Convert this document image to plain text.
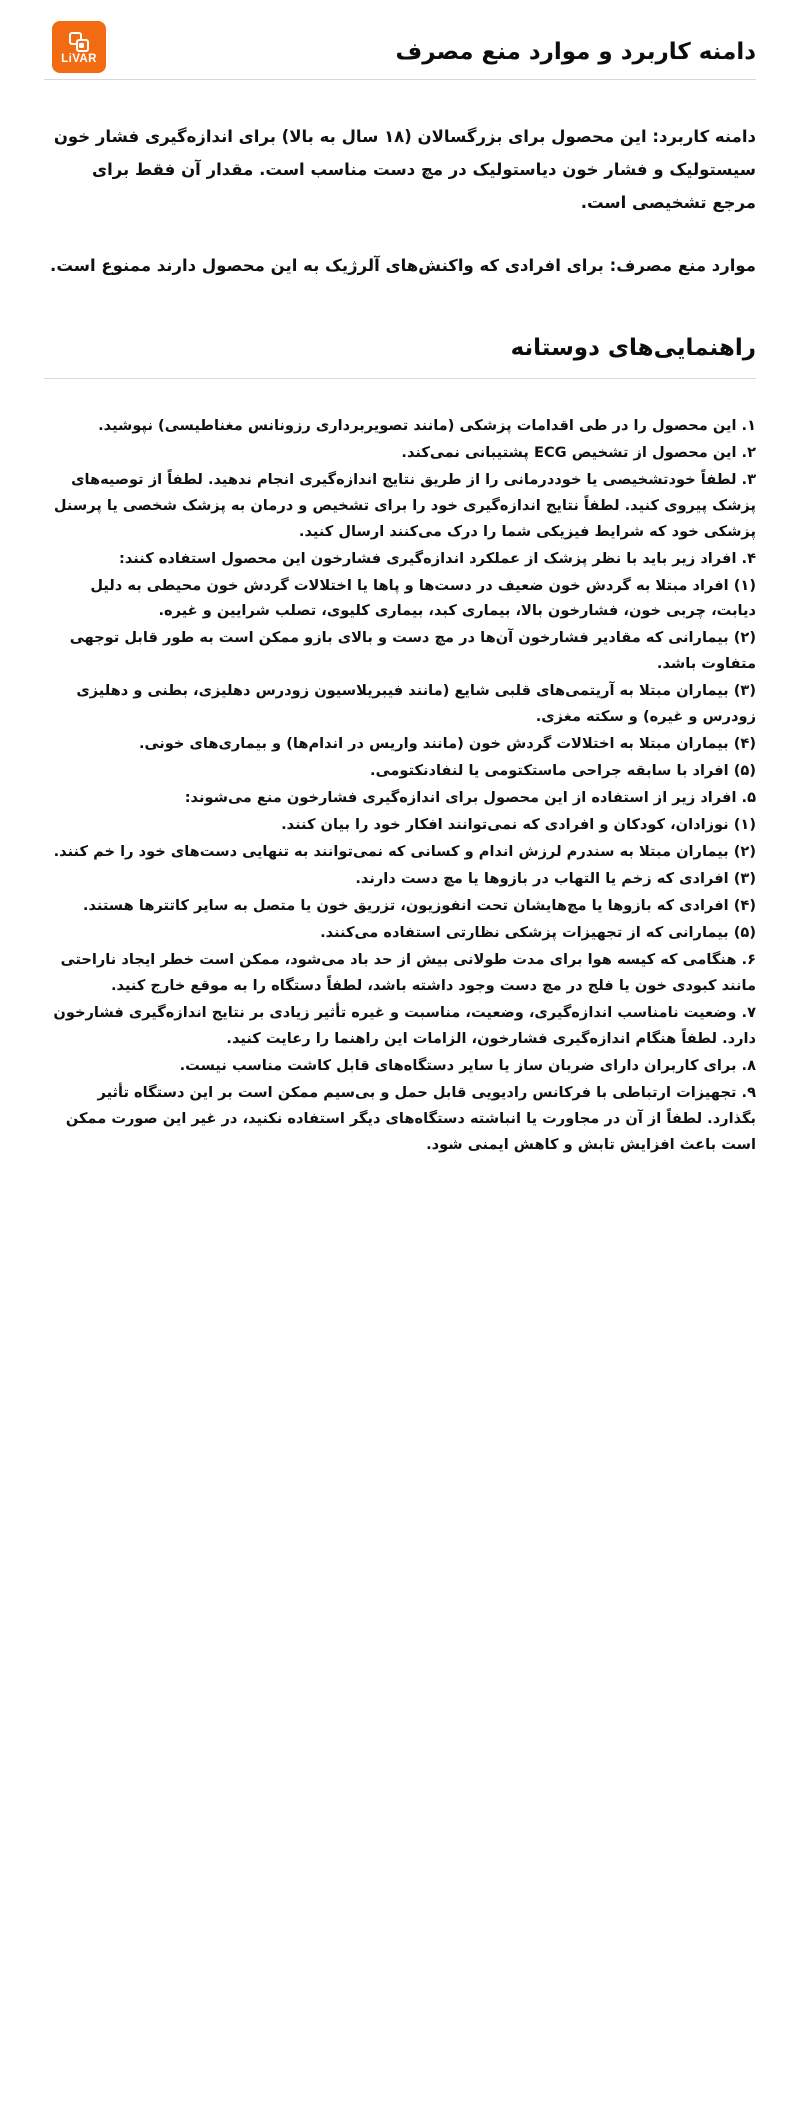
LiVAR	دامنه کاربرد و موارد منع مصرف

دامنه کاربرد: این محصول برای بزرگسالان (۱۸ سال به بالا) برای اندازه‌گیری فشار خون سیستولیک و فشار خون دیاستولیک در مچ دست مناسب است. مقدار آن فقط برای مرجع تشخیصی است.

موارد منع مصرف: برای افرادی که واکنش‌های آلرژیک به این محصول دارند ممنوع است.

راهنمایی‌های دوستانه

۱. این محصول را در طی اقدامات پزشکی (مانند تصویربرداری رزونانس مغناطیسی) نپوشید.

۲. این محصول از تشخیص ECG پشتیبانی نمی‌کند.

۳. لطفاً خودتشخیصی یا خوددرمانی را از طریق نتایج اندازه‌گیری انجام ندهید. لطفاً از توصیه‌های پزشک پیروی کنید. لطفاً نتایج اندازه‌گیری خود را برای تشخیص و درمان به پزشک شخصی یا پرسنل پزشکی خود که شرایط فیزیکی شما را درک می‌کنند ارسال کنید.

۴. افراد زیر باید با نظر پزشک از عملکرد اندازه‌گیری فشارخون این محصول استفاده کنند:

(۱) افراد مبتلا به گردش خون ضعیف در دست‌ها و پاها یا اختلالات گردش خون محیطی به دلیل دیابت، چربی خون، فشارخون بالا، بیماری کبد، بیماری کلیوی، تصلب شرایین و غیره.

(۲) بیمارانی که مقادیر فشارخون آن‌ها در مچ دست و بالای بازو ممکن است به طور قابل توجهی متفاوت باشد.

(۳) بیماران مبتلا به آریتمی‌های قلبی شایع (مانند فیبریلاسیون زودرس دهلیزی، بطنی و دهلیزی زودرس و غیره) و سکته مغزی.

(۴) بیماران مبتلا به اختلالات گردش خون (مانند واریس در اندام‌ها) و بیماری‌های خونی.

(۵) افراد با سابقه جراحی ماستکتومی یا لنفادنکتومی.

۵. افراد زیر از استفاده از این محصول برای اندازه‌گیری فشارخون منع می‌شوند:

(۱) نوزادان، کودکان و افرادی که نمی‌توانند افکار خود را بیان کنند.

(۲) بیماران مبتلا به سندرم لرزش اندام و کسانی که نمی‌توانند به تنهایی دست‌های خود را خم کنند.

(۳) افرادی که زخم یا التهاب در بازوها یا مچ دست دارند.

(۴) افرادی که بازوها یا مچ‌هایشان تحت انفوزیون، تزریق خون یا متصل به سایر کاتترها هستند.

(۵) بیمارانی که از تجهیزات پزشکی نظارتی استفاده می‌کنند.

۶. هنگامی که کیسه هوا برای مدت طولانی بیش از حد باد می‌شود، ممکن است خطر ایجاد ناراحتی مانند کبودی خون یا فلج در مچ دست وجود داشته باشد، لطفاً دستگاه را به موقع خارج کنید.

۷. وضعیت نامناسب اندازه‌گیری، وضعیت، مناسبت و غیره تأثیر زیادی بر نتایج اندازه‌گیری فشارخون دارد. لطفاً هنگام اندازه‌گیری فشارخون، الزامات این راهنما را رعایت کنید.

۸. برای کاربران دارای ضربان ساز یا سایر دستگاه‌های قابل کاشت مناسب نیست.

۹. تجهیزات ارتباطی با فرکانس رادیویی قابل حمل و بی‌سیم ممکن است بر این دستگاه تأثیر بگذارد. لطفاً از آن در مجاورت یا انباشته دستگاه‌های دیگر استفاده نکنید، در غیر این صورت ممکن است باعث افزایش تابش و کاهش ایمنی شود.
